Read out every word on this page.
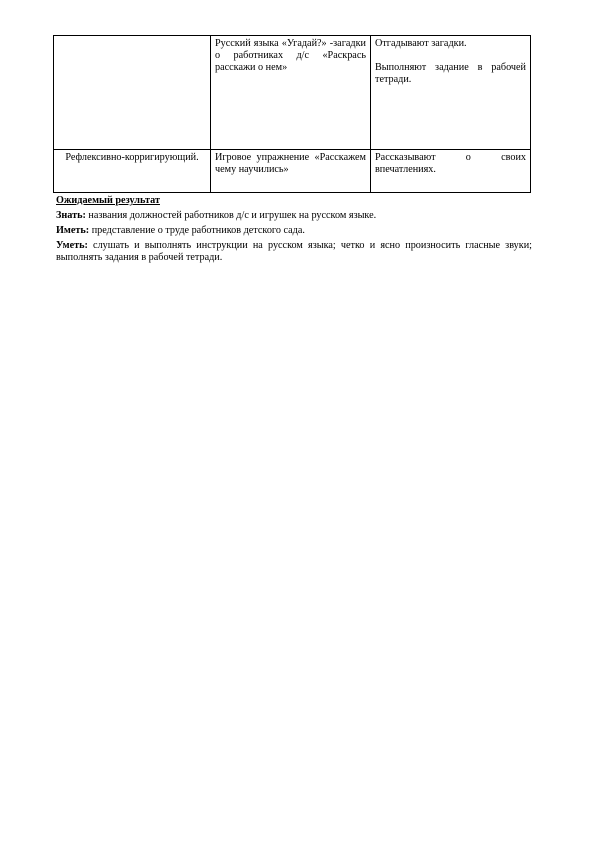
	Русский языка «Угадай?» -загадки о работниках д/с «Раскрась расскажи о нем»	Отгадывают загадки.
Выполняют задание в рабочей тетради.

Рефлексивно-корригирующий.	Игровое упражнение «Расскажем чему научились»	Рассказывают о своих впечатлениях.

Ожидаемый результат

Знать: названия должностей работников д/с и игрушек на русском языке.

Иметь: представление о труде работников детского сада.

Уметь: слушать и выполнять инструкции на русском языка; четко и ясно произносить гласные звуки; выполнять задания в рабочей тетради.
